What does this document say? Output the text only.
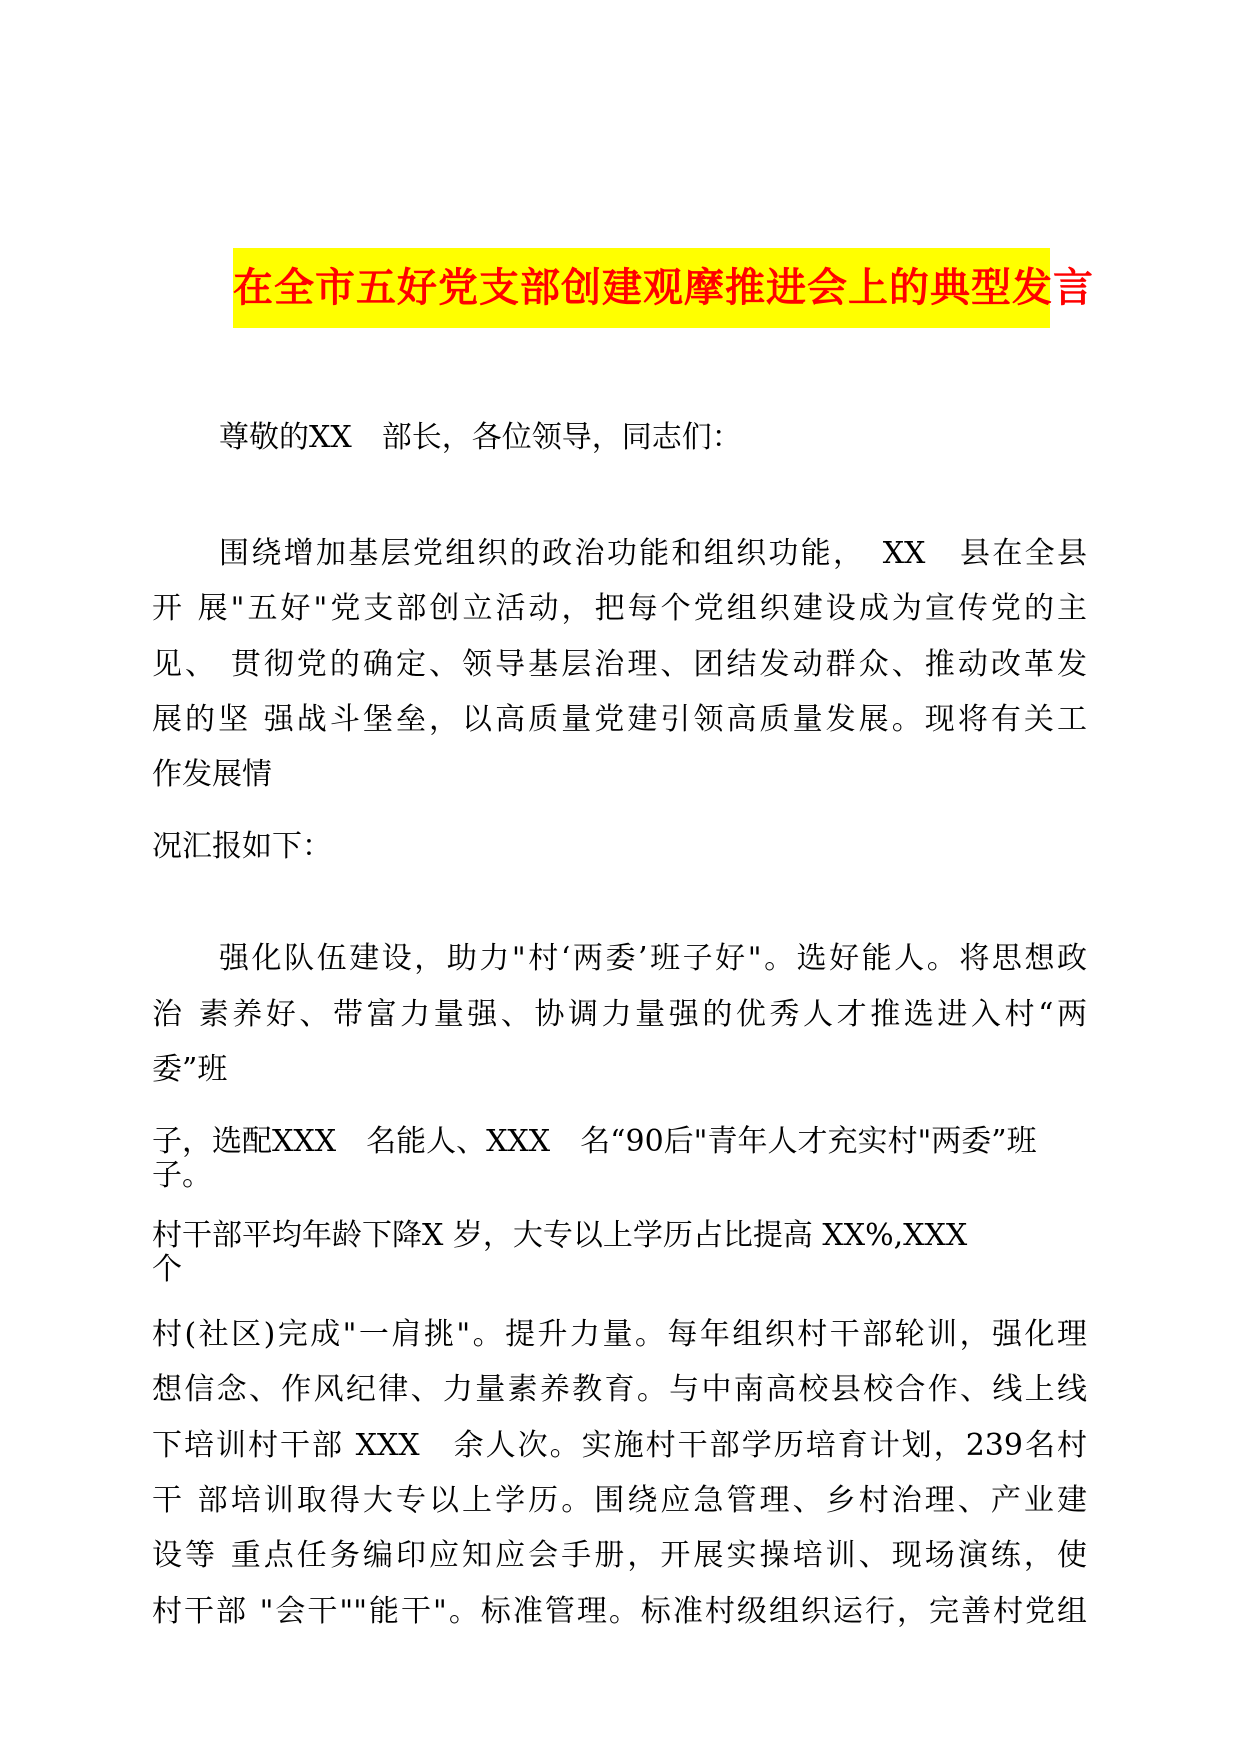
在全市五好党支部创建观摩推进会上的典型发言
尊敬的XX　部长，各位领导，同志们：
围绕增加基层党组织的政治功能和组织功能，　XX　县在全县
开 展"五好"党支部创立活动，把每个党组织建设成为宣传党的主
见、 贯彻党的确定、领导基层治理、团结发动群众、推动改革发
展的坚 强战斗堡垒，以高质量党建引领高质量发展。现将有关工
作发展情
况汇报如下：
强化队伍建设，助力"村‘两委’班子好"。选好能人。将思想政
治 素养好、带富力量强、协调力量强的优秀人才推选进入村“两
委”班
子，选配XXX　名能人、XXX　名“90后"青年人才充实村"两委”班
子。
村干部平均年龄下降X 岁，大专以上学历占比提高 XX%,XXX
个
村(社区)完成"一肩挑"。提升力量。每年组织村干部轮训，强化理
想信念、作风纪律、力量素养教育。与中南高校县校合作、线上线
下培训村干部 XXX　余人次。实施村干部学历培育计划，239名村
干 部培训取得大专以上学历。围绕应急管理、乡村治理、产业建
设等 重点任务编印应知应会手册，开展实操培训、现场演练，使
村干部 "会干""能干"。标准管理。标准村级组织运行，完善村党组
